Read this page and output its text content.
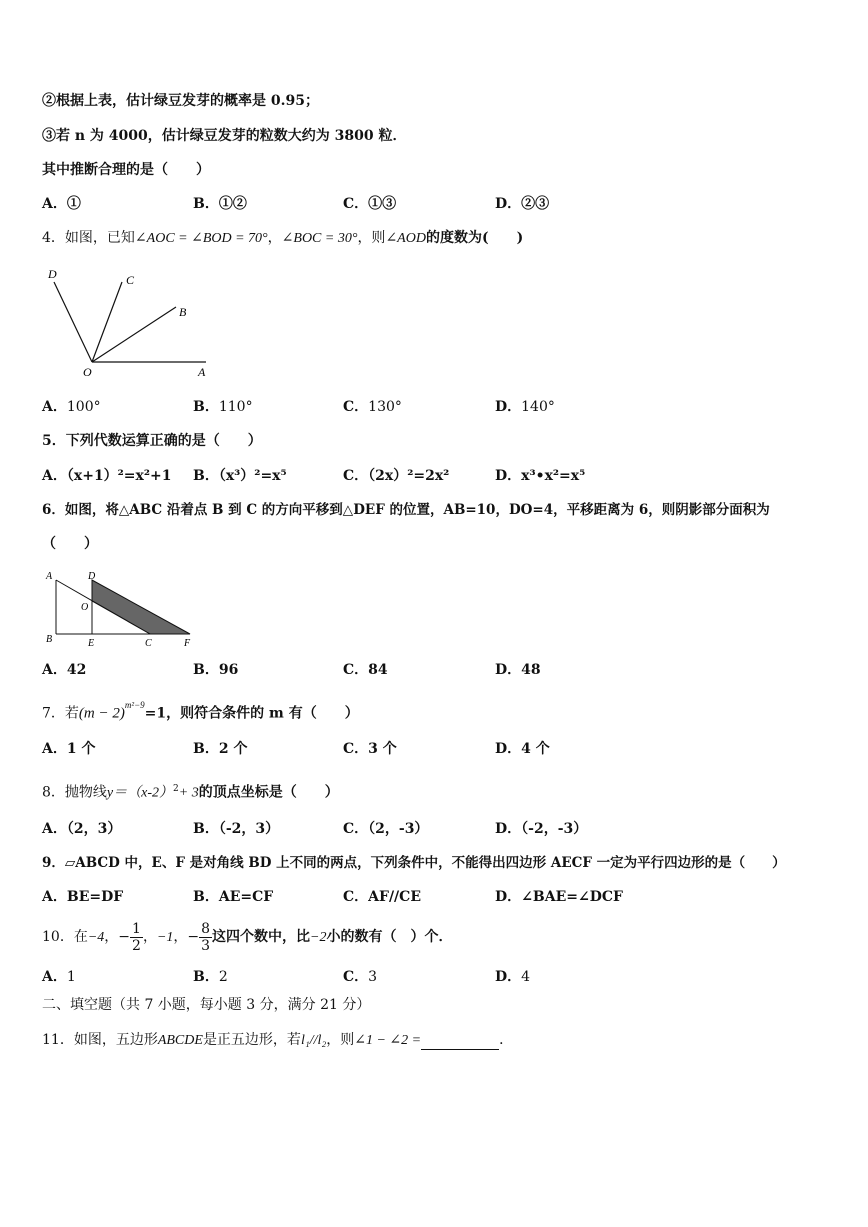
②根据上表，估计绿豆发芽的概率是 0.95；
③若 n 为 4000，估计绿豆发芽的粒数大约为 3800 粒．
其中推断合理的是（　　）
A．①	B．①②	C．①③	D．②③
4．如图，已知∠AOC = ∠BOD = 70°，∠BOC = 30°，则∠AOD的度数为(　　)
D	C
B
O	A
A．100°	B．110°	C．130°	D．140°
5．下列代数运算正确的是（　　）
A．（x+1）²=x²+1 B．（x³）²=x⁵	C．（2x）²=2x²	D．x³•x²=x⁵
6．如图，将△ABC 沿着点 B 到 C 的方向平移到△DEF 的位置，AB=10，DO=4，平移距离为 6，则阴影部分面积为
（　　）
A	D
O
B	E	C	F
A．42	B．96	C．84	D．48
7．若$(m - 2)^{m^2-9}=1$，则符合条件的 m 有（　　）
A．1 个	B．2 个	C．3 个	D．4 个
8．抛物线$y=(x-2)^2+ 3$的顶点坐标是（　　）
A．（2，3）	B．（-2，3）	C．（2，-3）	D．（-2，-3）
9．▱ABCD 中，E、F 是对角线 BD 上不同的两点，下列条件中，不能得出四边形 AECF 一定为平行四边形的是（　　）
A．BE=DF	B．AE=CF	C．AF//CE	D．∠BAE=∠DCF
10．在−4，− $\frac{1}{2}$ ，−1，− $\frac{8}{3}$ 这四个数中，比−2小的数有（　）个．
A．1	B．2	C．3	D．4
二、填空题（共 7 小题，每小题 3 分，满分 21 分）
11．如图，五边形ABCDE是正五边形，若l₁//l₂，则∠1 − ∠2 =	．
